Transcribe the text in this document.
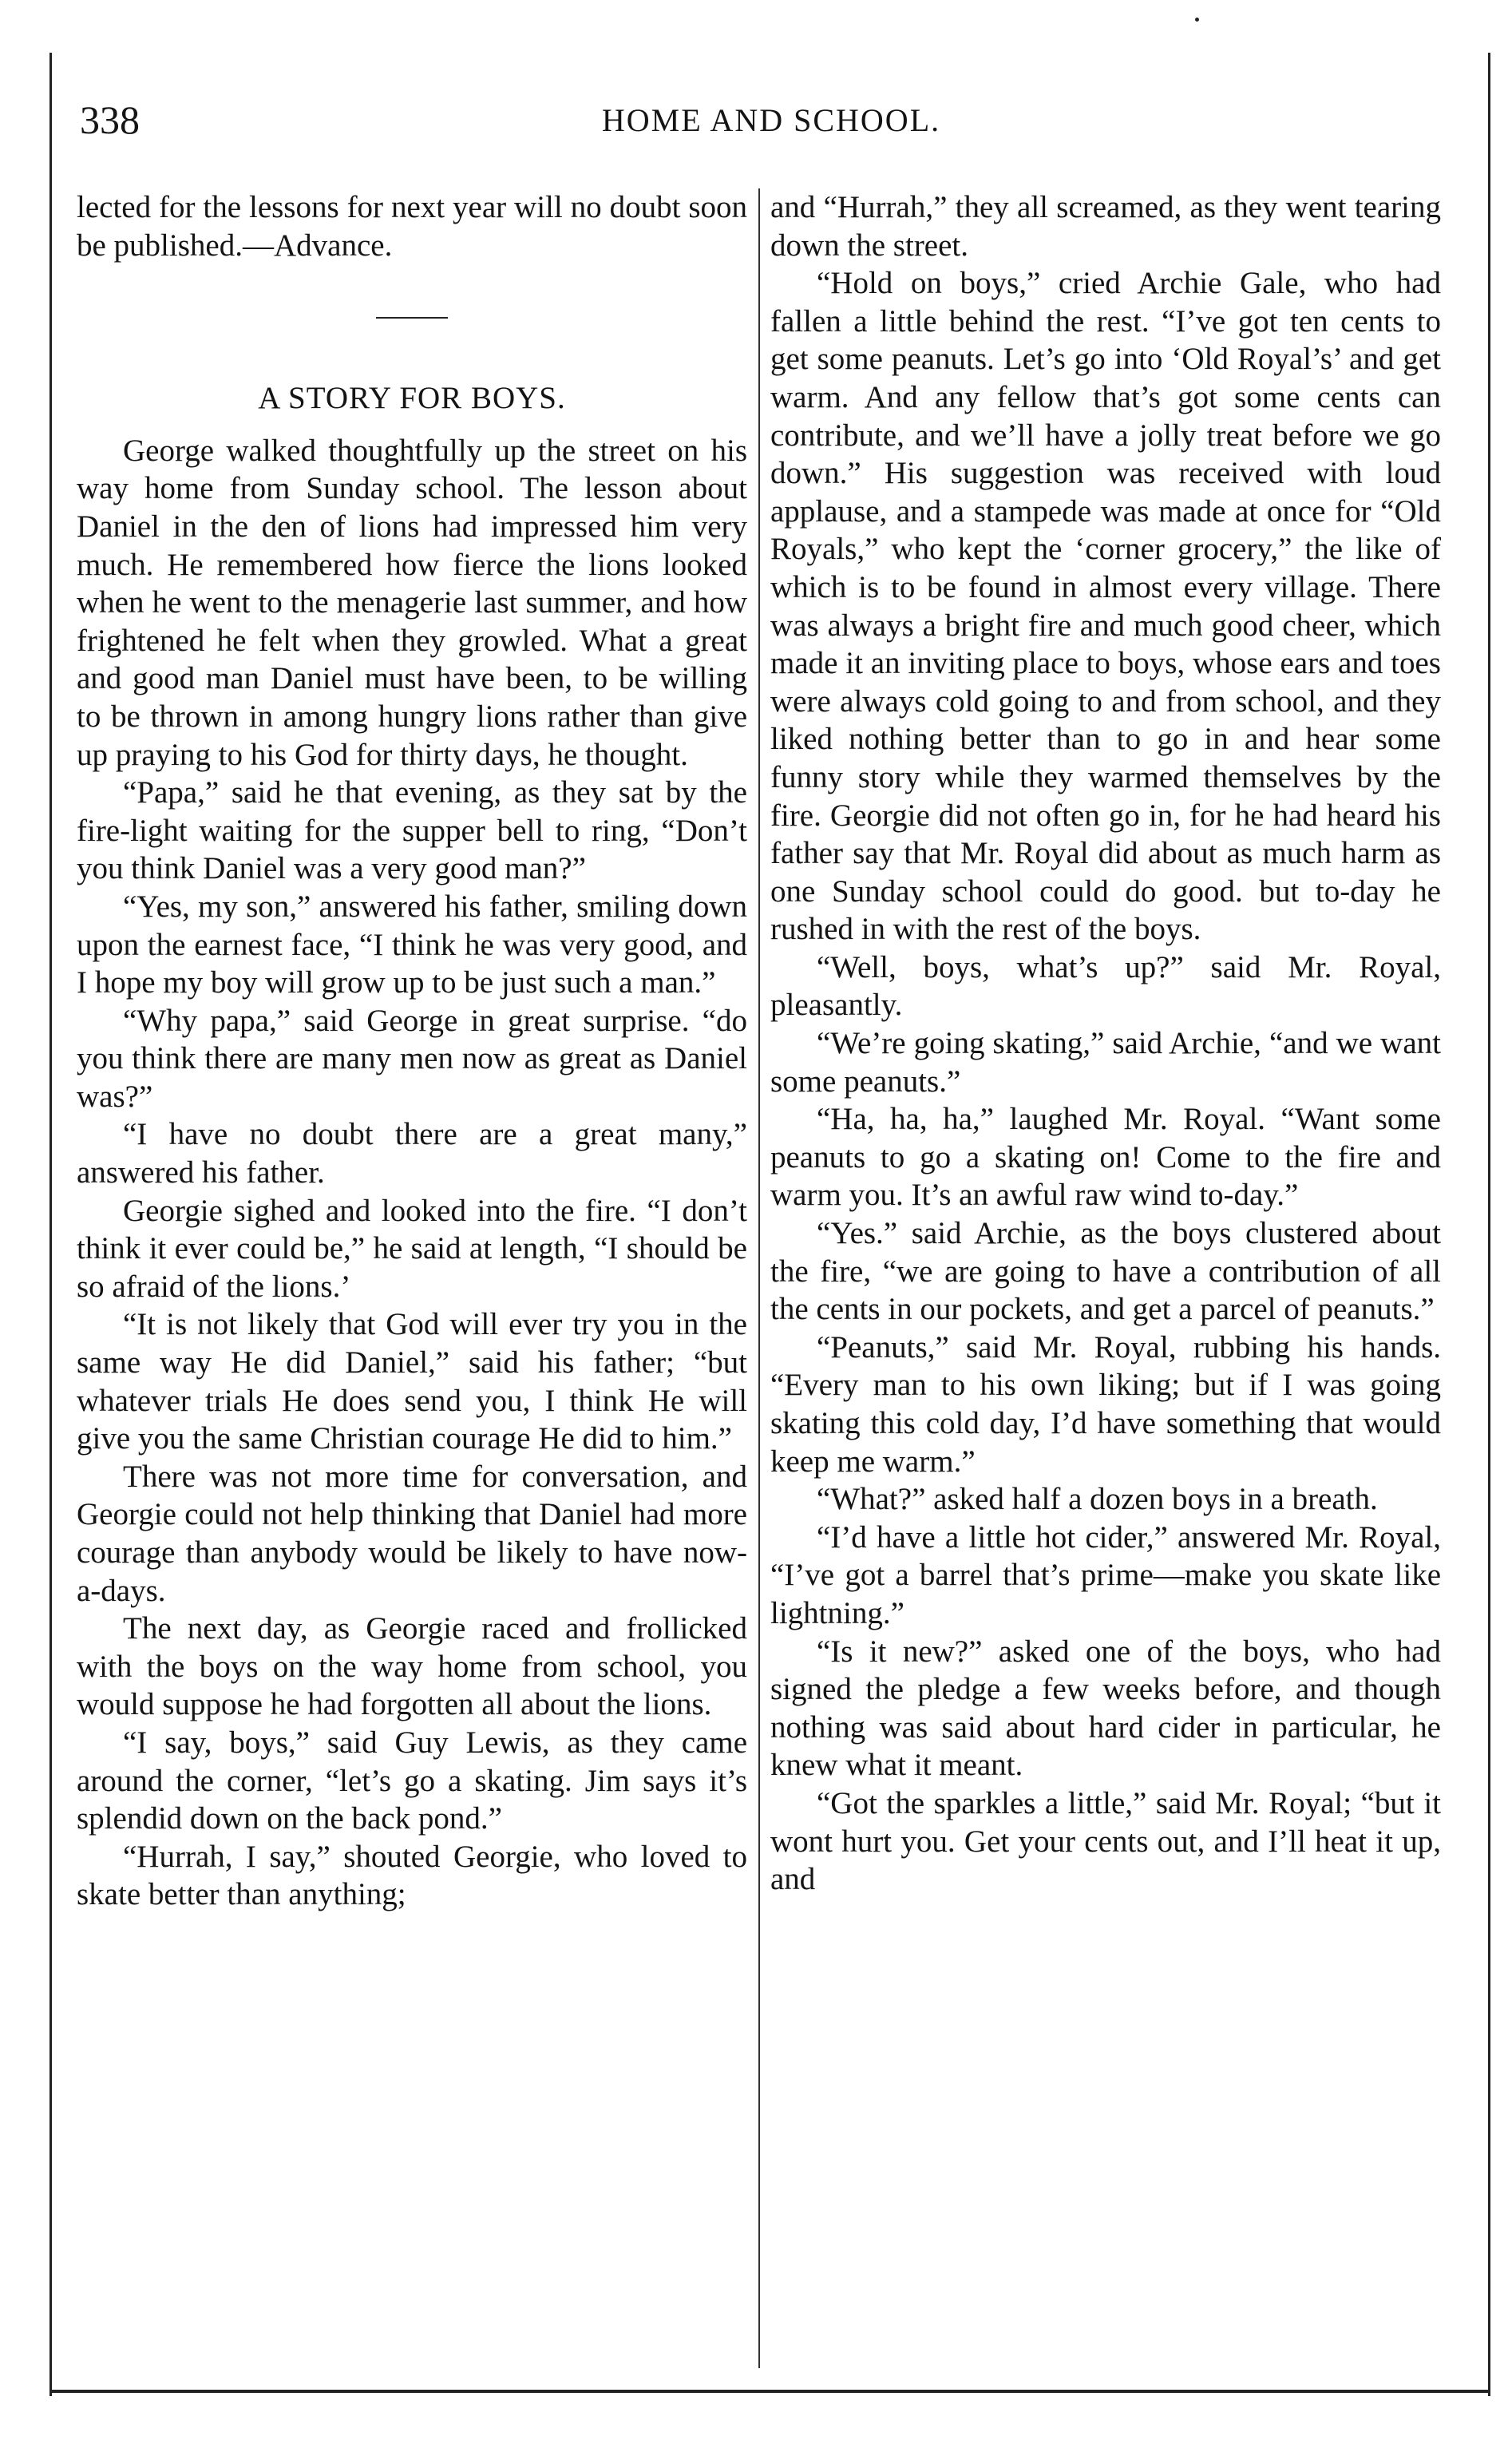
338	HOME AND SCHOOL.

lected for the lessons for next year will no doubt soon be published.—Advance.

A STORY FOR BOYS.

George walked thoughtfully up the street on his way home from Sunday school. The lesson about Daniel in the den of lions had impressed him very much. He remembered how fierce the lions looked when he went to the menagerie last summer, and how frightened he felt when they growled. What a great and good man Daniel must have been, to be willing to be thrown in among hungry lions rather than give up praying to his God for thirty days, he thought.

“Papa,” said he that evening, as they sat by the fire-light waiting for the supper bell to ring, “Don’t you think Daniel was a very good man?”

“Yes, my son,” answered his father, smiling down upon the earnest face, “I think he was very good, and I hope my boy will grow up to be just such a man.”

“Why papa,” said George in great surprise. “do you think there are many men now as great as Daniel was?”

“I have no doubt there are a great many,” answered his father.

Georgie sighed and looked into the fire. “I don’t think it ever could be,” he said at length, “I should be so afraid of the lions.’

“It is not likely that God will ever try you in the same way He did Daniel,” said his father; “but whatever trials He does send you, I think He will give you the same Christian courage He did to him.”

There was not more time for conversation, and Georgie could not help thinking that Daniel had more courage than anybody would be likely to have now-a-days.

The next day, as Georgie raced and frollicked with the boys on the way home from school, you would suppose he had forgotten all about the lions.

“I say, boys,” said Guy Lewis, as they came around the corner, “let’s go a skating. Jim says it’s splendid down on the back pond.”

“Hurrah, I say,” shouted Georgie, who loved to skate better than anything;

and “Hurrah,” they all screamed, as they went tearing down the street.

“Hold on boys,” cried Archie Gale, who had fallen a little behind the rest. “I’ve got ten cents to get some peanuts. Let’s go into ‘Old Royal’s’ and get warm. And any fellow that’s got some cents can contribute, and we’ll have a jolly treat before we go down.” His suggestion was received with loud applause, and a stampede was made at once for “Old Royals,” who kept the ‘corner grocery,” the like of which is to be found in almost every village. There was always a bright fire and much good cheer, which made it an inviting place to boys, whose ears and toes were always cold going to and from school, and they liked nothing better than to go in and hear some funny story while they warmed themselves by the fire. Georgie did not often go in, for he had heard his father say that Mr. Royal did about as much harm as one Sunday school could do good. but to-day he rushed in with the rest of the boys.

“Well, boys, what’s up?” said Mr. Royal, pleasantly.

“We’re going skating,” said Archie, “and we want some peanuts.”

“Ha, ha, ha,” laughed Mr. Royal. “Want some peanuts to go a skating on! Come to the fire and warm you. It’s an awful raw wind to-day.”

“Yes.” said Archie, as the boys clustered about the fire, “we are going to have a contribution of all the cents in our pockets, and get a parcel of peanuts.”

“Peanuts,” said Mr. Royal, rubbing his hands. “Every man to his own liking; but if I was going skating this cold day, I’d have something that would keep me warm.”

“What?” asked half a dozen boys in a breath.

“I’d have a little hot cider,” answered Mr. Royal, “I’ve got a barrel that’s prime—make you skate like lightning.”

“Is it new?” asked one of the boys, who had signed the pledge a few weeks before, and though nothing was said about hard cider in particular, he knew what it meant.

“Got the sparkles a little,” said Mr. Royal; “but it wont hurt you. Get your cents out, and I’ll heat it up, and
